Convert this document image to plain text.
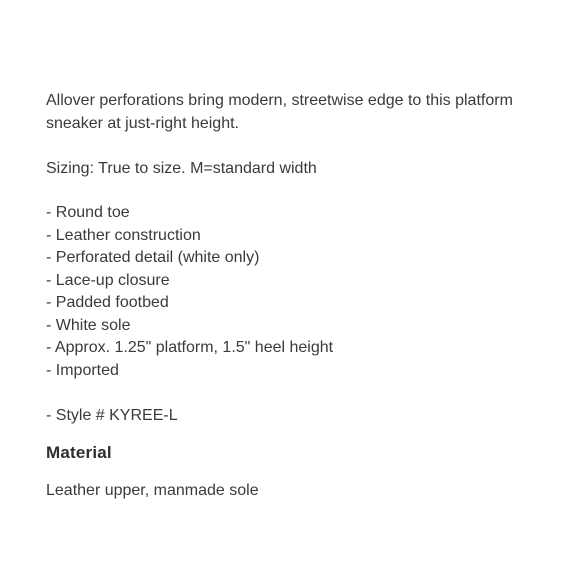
Allover perforations bring modern, streetwise edge to this platform sneaker at just-right height.

Sizing: True to size. M=standard width

- Round toe
- Leather construction
- Perforated detail (white only)
- Lace-up closure
- Padded footbed
- White sole
- Approx. 1.25" platform, 1.5" heel height
- Imported

- Style # KYREE-L

Material

Leather upper, manmade sole
